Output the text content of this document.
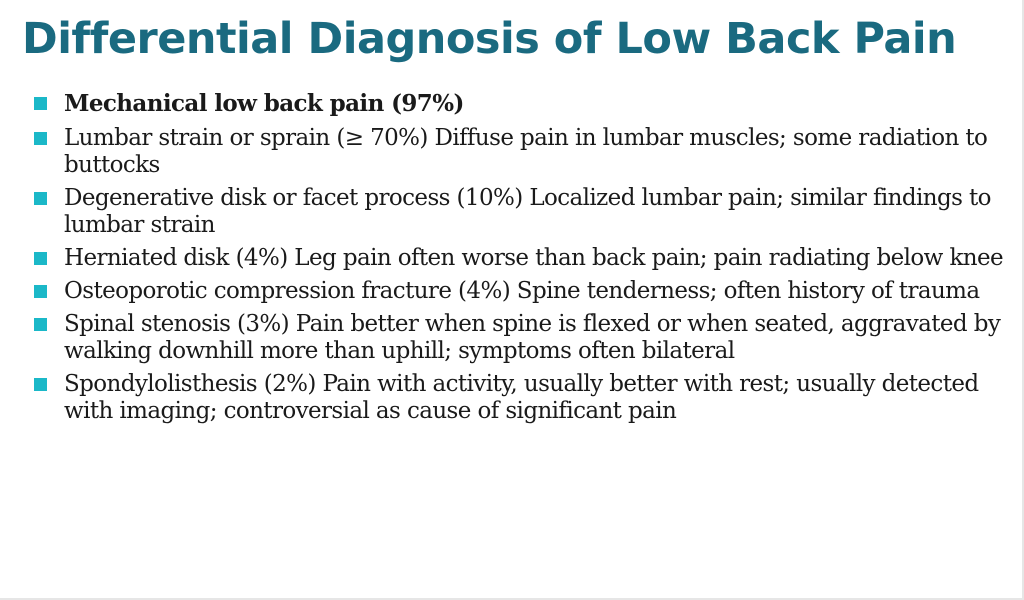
Differential Diagnosis of Low Back Pain
Mechanical low back pain (97%)
Lumbar strain or sprain (≥ 70%) Diffuse pain in lumbar muscles; some radiation to buttocks
Degenerative disk or facet process (10%) Localized lumbar pain; similar findings to lumbar strain
Herniated disk (4%) Leg pain often worse than back pain; pain radiating below knee
Osteoporotic compression fracture (4%) Spine tenderness; often history of trauma
Spinal stenosis (3%) Pain better when spine is flexed or when seated, aggravated by walking downhill more than uphill; symptoms often bilateral
Spondylolisthesis (2%) Pain with activity, usually better with rest; usually detected with imaging; controversial as cause of significant pain
